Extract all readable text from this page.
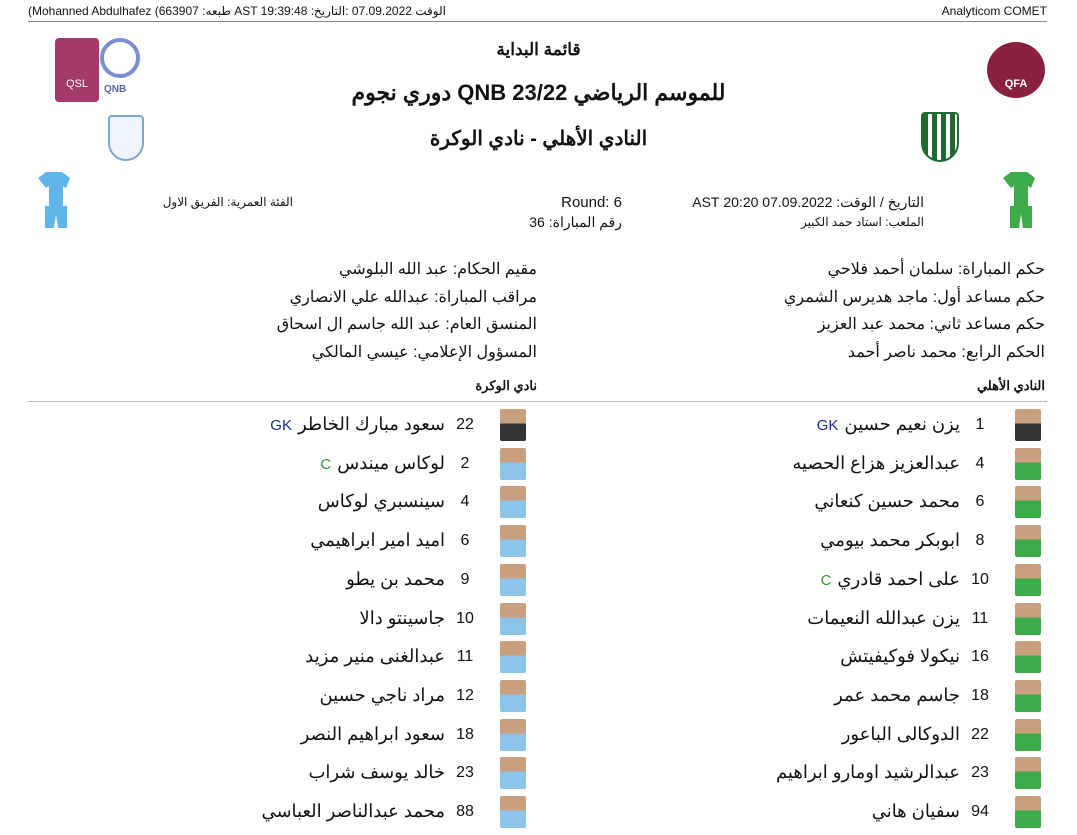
(Mohanned Abdulhafez (663907 :طبعه AST 19:39:48 :الوقت 07.09.2022 :التاريخ	Analyticom COMET
QSL	QNB	QFA
قائمة البداية
دوري نجوم QNB للموسم الرياضي 23/22
النادي الأهلي - نادي الوكرة
التاريخ / الوقت: 07.09.2022 20:20 AST
الملعب: استاد حمد الكبير
Round: 6
رقم المباراة: 36
الفئة العمرية: الفريق الاول
حكم المباراة: سلمان أحمد فلاحي
حكم مساعد أول: ماجد هديرس الشمري
حكم مساعد ثاني: محمد عبد العزيز
الحكم الرابع: محمد ناصر أحمد
مقيم الحكام: عبد الله البلوشي
مراقب المباراة: عبدالله علي الانصاري
المنسق العام: عبد الله جاسم ال اسحاق
المسؤول الإعلامي: عيسي المالكي
النادي الأهلي
نادي الوكرة
يزن نعيم حسينGK	1
عبدالعزيز هزاع الحصيه 4
محمد حسين كنعاني 6
ابوبكر محمد بيومي 8
على احمد قادريC	10
يزن عبدالله النعيمات 11
نيكولا فوكيفيتش 16
جاسم محمد عمر 18
الدوكالى الباعور 22
عبدالرشيد اومارو ابراهيم 23
سفيان هاني 94
سعود مبارك الخاطرGK	22
لوكاس ميندسC	2
سينسبري لوكاس 4
اميد امير ابراهيمي 6
محمد بن يطو 9
جاسينتو دالا 10
عبدالغنى منير مزيد 11
مراد ناجي حسين 12
سعود ابراهيم النصر 18
خالد يوسف شراب 23
محمد عبدالناصر العباسي 88
